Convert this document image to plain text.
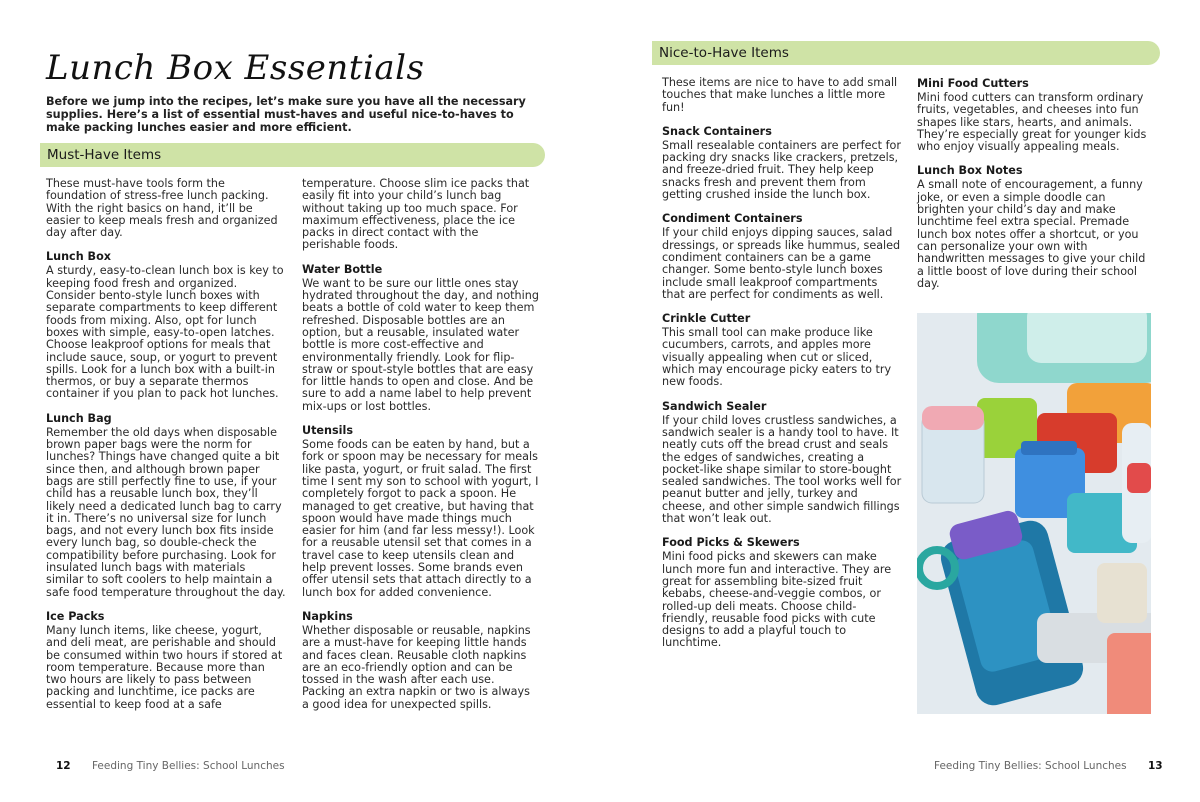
Lunch Box Essentials

Before we jump into the recipes, let’s make sure you have all the necessary supplies. Here’s a list of essential must-haves and useful nice-to-haves to make packing lunches easier and more efficient.

Must-Have Items

These must-have tools form the foundation of stress-free lunch packing. With the right basics on hand, it’ll be easier to keep meals fresh and organized day after day.

Lunch Box

A sturdy, easy-to-clean lunch box is key to keeping food fresh and organized. Consider bento-style lunch boxes with separate compartments to keep different foods from mixing. Also, opt for lunch boxes with simple, easy-to-open latches. Choose leakproof options for meals that include sauce, soup, or yogurt to prevent spills. Look for a lunch box with a built-in thermos, or buy a separate thermos container if you plan to pack hot lunches.

Lunch Bag

Remember the old days when disposable brown paper bags were the norm for lunches? Things have changed quite a bit since then, and although brown paper bags are still perfectly fine to use, if your child has a reusable lunch box, they’ll likely need a dedicated lunch bag to carry it in. There’s no universal size for lunch bags, and not every lunch box fits inside every lunch bag, so double-check the compatibility before purchasing. Look for insulated lunch bags with materials similar to soft coolers to help maintain a safe food temperature throughout the day.

Ice Packs

Many lunch items, like cheese, yogurt, and deli meat, are perishable and should be consumed within two hours if stored at room temperature. Because more than two hours are likely to pass between packing and lunchtime, ice packs are essential to keep food at a safe

temperature. Choose slim ice packs that easily fit into your child’s lunch bag without taking up too much space. For maximum effectiveness, place the ice packs in direct contact with the perishable foods.

Water Bottle

We want to be sure our little ones stay hydrated throughout the day, and nothing beats a bottle of cold water to keep them refreshed. Disposable bottles are an option, but a reusable, insulated water bottle is more cost-effective and environmentally friendly. Look for flip-straw or spout-style bottles that are easy for little hands to open and close. And be sure to add a name label to help prevent mix-ups or lost bottles.

Utensils

Some foods can be eaten by hand, but a fork or spoon may be necessary for meals like pasta, yogurt, or fruit salad. The first time I sent my son to school with yogurt, I completely forgot to pack a spoon. He managed to get creative, but having that spoon would have made things much easier for him (and far less messy!). Look for a reusable utensil set that comes in a travel case to keep utensils clean and help prevent losses. Some brands even offer utensil sets that attach directly to a lunch box for added convenience.

Napkins

Whether disposable or reusable, napkins are a must-have for keeping little hands and faces clean. Reusable cloth napkins are an eco-friendly option and can be tossed in the wash after each use. Packing an extra napkin or two is always a good idea for unexpected spills.

12 Feeding Tiny Bellies: School Lunches
Nice-to-Have Items

These items are nice to have to add small touches that make lunches a little more fun!

Snack Containers

Small resealable containers are perfect for packing dry snacks like crackers, pretzels, and freeze-dried fruit. They help keep snacks fresh and prevent them from getting crushed inside the lunch box.

Condiment Containers

If your child enjoys dipping sauces, salad dressings, or spreads like hummus, sealed condiment containers can be a game changer. Some bento-style lunch boxes include small leakproof compartments that are perfect for condiments as well.

Crinkle Cutter

This small tool can make produce like cucumbers, carrots, and apples more visually appealing when cut or sliced, which may encourage picky eaters to try new foods.

Sandwich Sealer

If your child loves crustless sandwiches, a sandwich sealer is a handy tool to have. It neatly cuts off the bread crust and seals the edges of sandwiches, creating a pocket-like shape similar to store-bought sealed sandwiches. The tool works well for peanut butter and jelly, turkey and cheese, and other simple sandwich fillings that won’t leak out.

Food Picks & Skewers

Mini food picks and skewers can make lunch more fun and interactive. They are great for assembling bite-sized fruit kebabs, cheese-and-veggie combos, or rolled-up deli meats. Choose child-friendly, reusable food picks with cute designs to add a playful touch to lunchtime.

Mini Food Cutters

Mini food cutters can transform ordinary fruits, vegetables, and cheeses into fun shapes like stars, hearts, and animals. They’re especially great for younger kids who enjoy visually appealing meals.

Lunch Box Notes

A small note of encouragement, a funny joke, or even a simple doodle can brighten your child’s day and make lunchtime feel extra special. Premade lunch box notes offer a shortcut, or you can personalize your own with handwritten messages to give your child a little boost of love during their school day.

Feeding Tiny Bellies: School Lunches 13
